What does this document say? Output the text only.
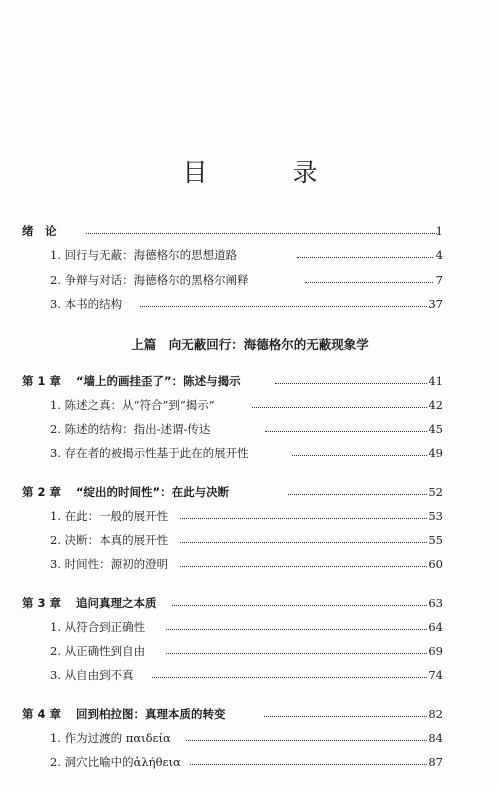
目　录
绪　论	1
1. 回行与无蔽：海德格尔的思想道路	4
2. 争辩与对话：海德格尔的黑格尔阐释	7
3. 本书的结构	37
上篇　向无蔽回行：海德格尔的无蔽现象学
第 1 章 “墙上的画挂歪了”：陈述与揭示	41
1. 陈述之真：从“符合”到“揭示”	42
2. 陈述的结构：指出-述谓-传达	45
3. 存在者的被揭示性基于此在的展开性	49
第 2 章 “绽出的时间性”：在此与决断	52
1. 在此：一般的展开性	53
2. 决断：本真的展开性	55
3. 时间性：源初的澄明	60
第 3 章 追问真理之本质	63
1. 从符合到正确性	64
2. 从正确性到自由	69
3. 从自由到不真	74
第 4 章 回到柏拉图：真理本质的转变	82
1. 作为过渡的 παιδεία	84
2. 洞穴比喻中的ἀλήθεια	87
